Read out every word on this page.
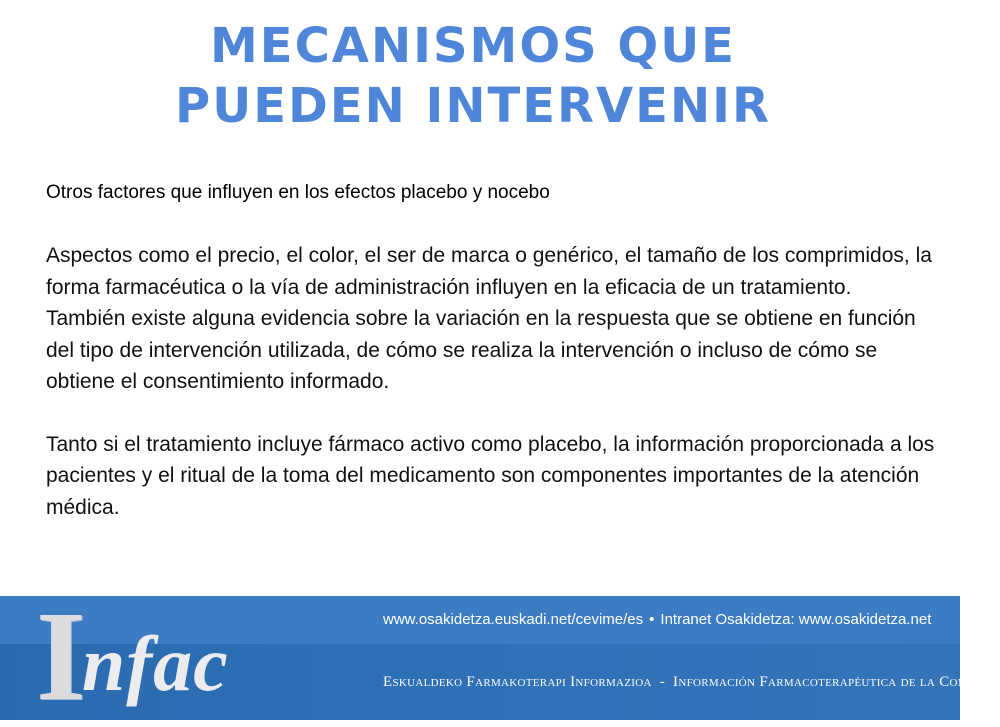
MECANISMOS QUE
PUEDEN INTERVENIR

Otros factores que influyen en los efectos placebo y nocebo

Aspectos como el precio, el color, el ser de marca o genérico, el tamaño de los comprimidos, la forma farmacéutica o la vía de administración influyen en la eficacia de un tratamiento. También existe alguna evidencia sobre la variación en la respuesta que se obtiene en función del tipo de intervención utilizada, de cómo se realiza la intervención o incluso de cómo se obtiene el consentimiento informado.

Tanto si el tratamiento incluye fármaco activo como placebo, la información proporcionada a los pacientes y el ritual de la toma del medicamento son componentes importantes de la atención médica.

Infac
www.osakidetza.euskadi.net/cevime/es • Intranet Osakidetza: www.osakidetza.net
Eskualdeko Farmakoterapi Informazioa - Información Farmacoterapéutica de la Comarca
